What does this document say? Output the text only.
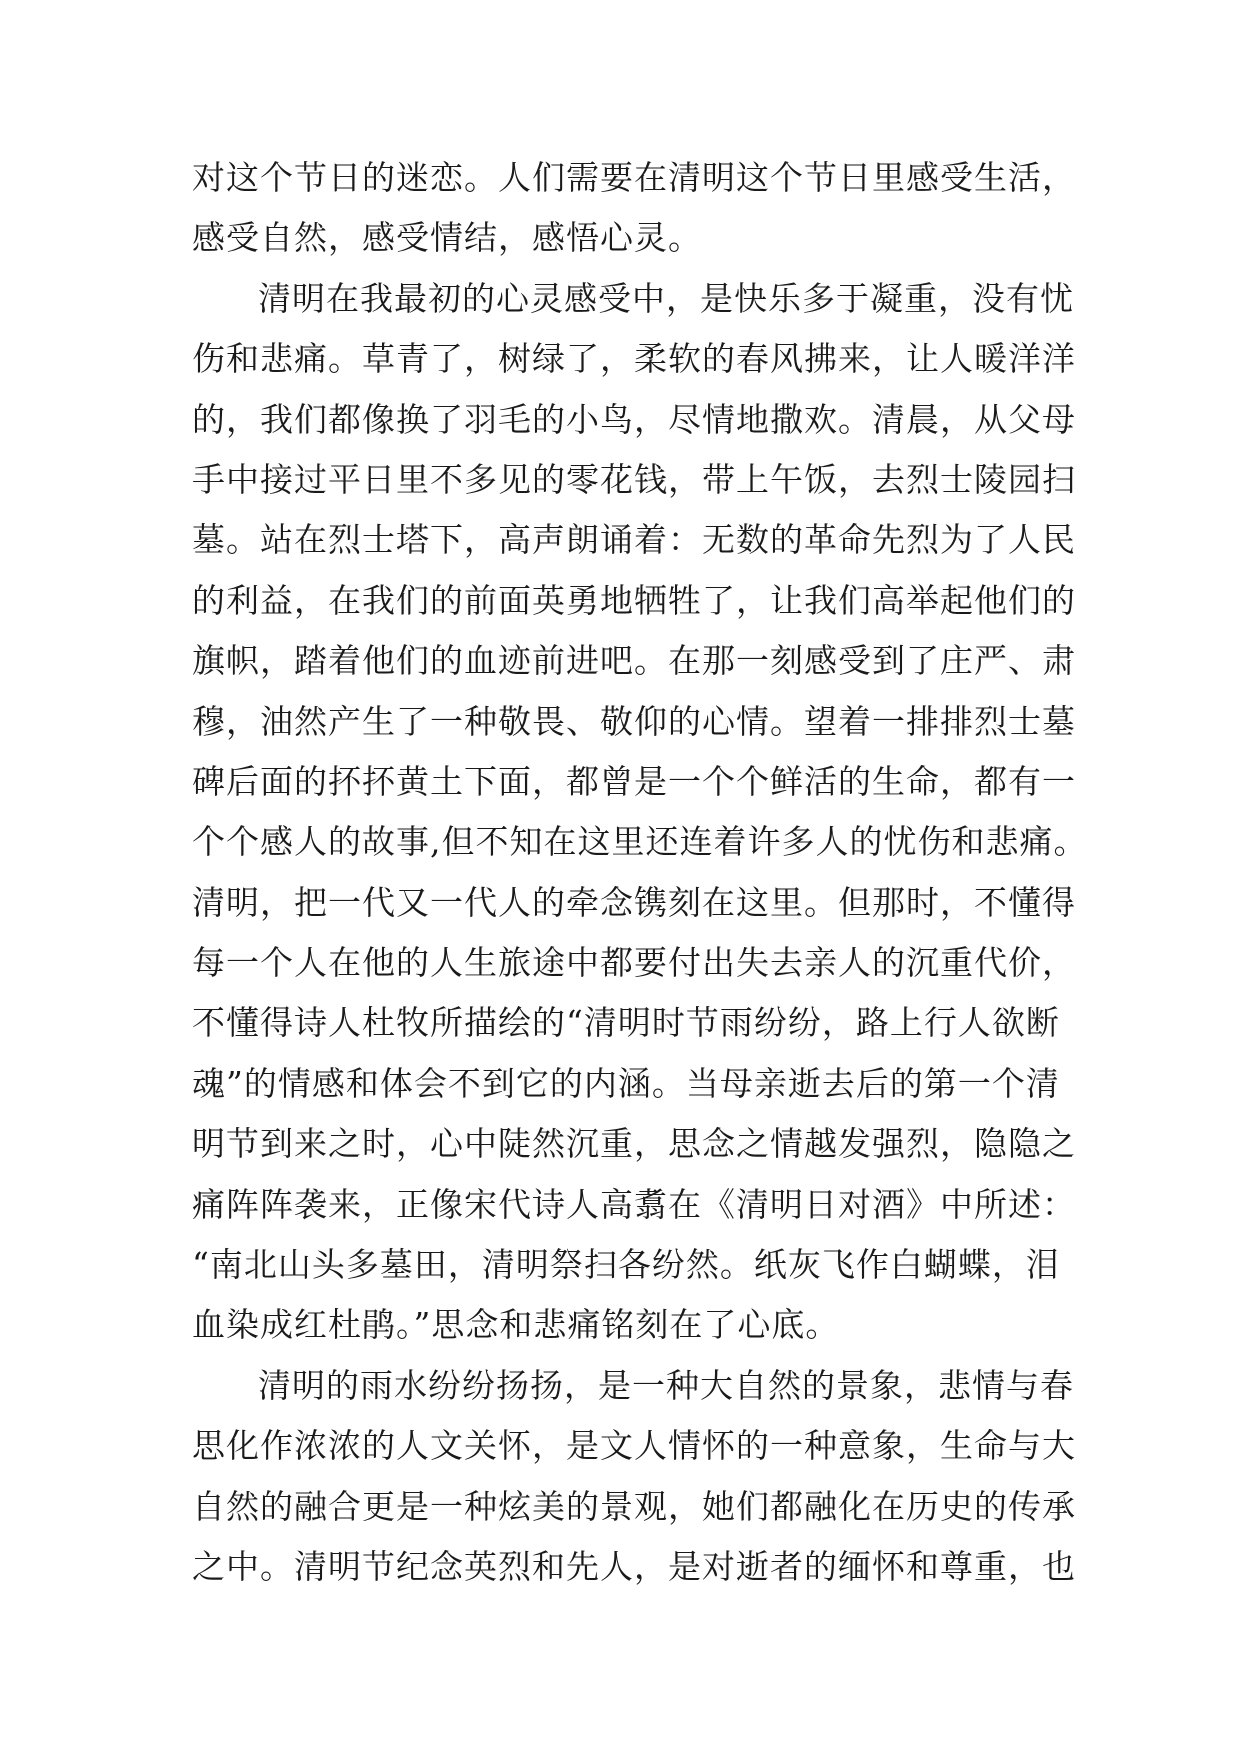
对这个节日的迷恋。人们需要在清明这个节日里感受生活，
感受自然，感受情结，感悟心灵。
清明在我最初的心灵感受中，是快乐多于凝重，没有忧
伤和悲痛。草青了，树绿了，柔软的春风拂来，让人暖洋洋
的，我们都像换了羽毛的小鸟，尽情地撒欢。清晨，从父母
手中接过平日里不多见的零花钱，带上午饭，去烈士陵园扫
墓。站在烈士塔下，高声朗诵着：无数的革命先烈为了人民
的利益，在我们的前面英勇地牺牲了，让我们高举起他们的
旗帜，踏着他们的血迹前进吧。在那一刻感受到了庄严、肃
穆，油然产生了一种敬畏、敬仰的心情。望着一排排烈士墓
碑后面的抔抔黄土下面，都曾是一个个鲜活的生命，都有一
个个感人的故事,但不知在这里还连着许多人的忧伤和悲痛。
清明，把一代又一代人的牵念镌刻在这里。但那时，不懂得
每一个人在他的人生旅途中都要付出失去亲人的沉重代价，
不懂得诗人杜牧所描绘的“清明时节雨纷纷，路上行人欲断
魂”的情感和体会不到它的内涵。当母亲逝去后的第一个清
明节到来之时，心中陡然沉重，思念之情越发强烈，隐隐之
痛阵阵袭来，正像宋代诗人高翥在《清明日对酒》中所述：
“南北山头多墓田，清明祭扫各纷然。纸灰飞作白蝴蝶，泪
血染成红杜鹃。”思念和悲痛铭刻在了心底。
清明的雨水纷纷扬扬，是一种大自然的景象，悲情与春
思化作浓浓的人文关怀，是文人情怀的一种意象，生命与大
自然的融合更是一种炫美的景观，她们都融化在历史的传承
之中。清明节纪念英烈和先人，是对逝者的缅怀和尊重，也
